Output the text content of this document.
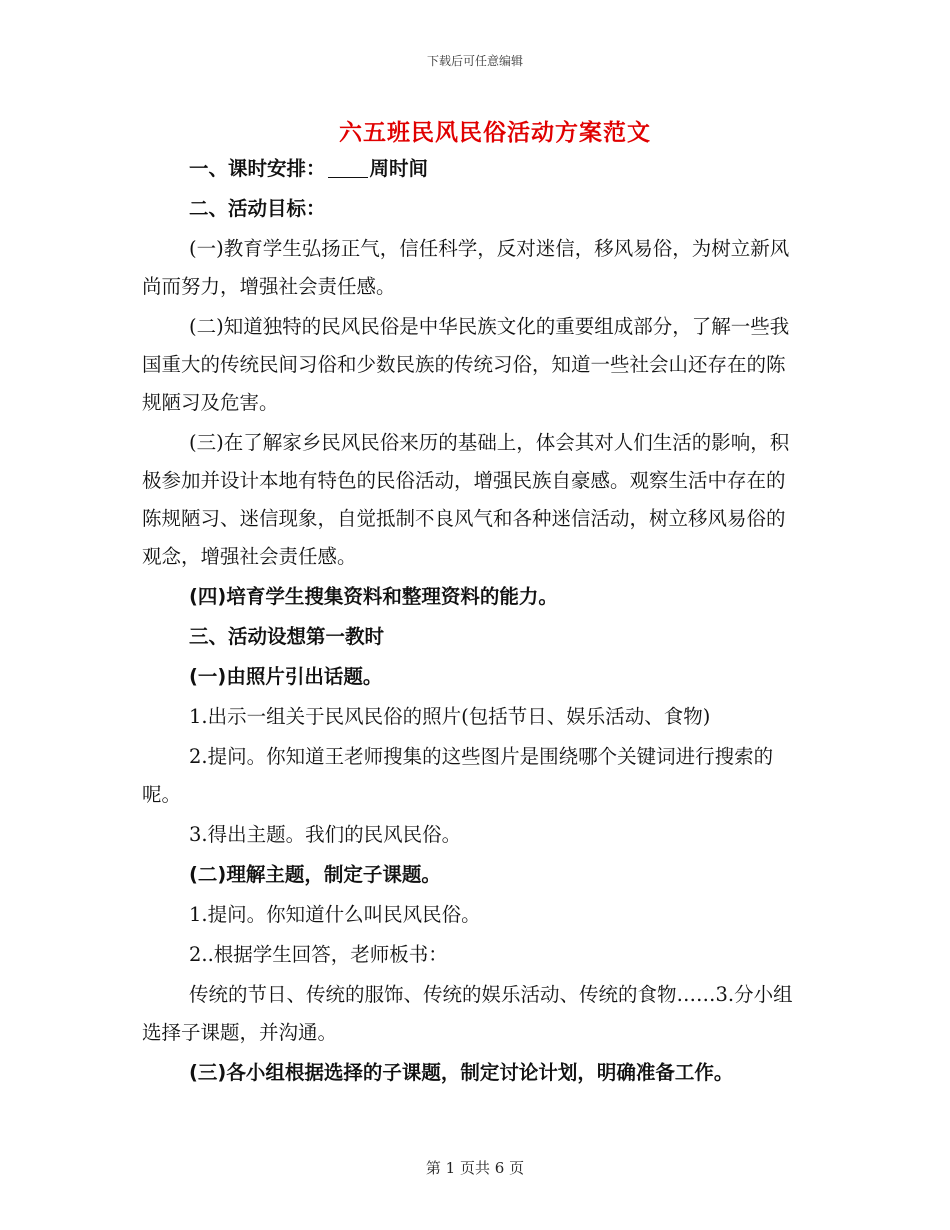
下载后可任意编辑
六五班民风民俗活动方案范文

一、课时安排： 周时间

二、活动目标：

(一)教育学生弘扬正气，信任科学，反对迷信，移风易俗，为树立新风尚而努力，增强社会责任感。

(二)知道独特的民风民俗是中华民族文化的重要组成部分，了解一些我国重大的传统民间习俗和少数民族的传统习俗，知道一些社会山还存在的陈规陋习及危害。

(三)在了解家乡民风民俗来历的基础上，体会其对人们生活的影响，积极参加并设计本地有特色的民俗活动，增强民族自豪感。观察生活中存在的陈规陋习、迷信现象，自觉抵制不良风气和各种迷信活动，树立移风易俗的观念，增强社会责任感。

(四)培育学生搜集资料和整理资料的能力。

三、活动设想第一教时

(一)由照片引出话题。

1.出示一组关于民风民俗的照片(包括节日、娱乐活动、食物)

2.提问。你知道王老师搜集的这些图片是围绕哪个关键词进行搜索的呢。

3.得出主题。我们的民风民俗。

(二)理解主题，制定子课题。

1.提问。你知道什么叫民风民俗。

2..根据学生回答，老师板书：

传统的节日、传统的服饰、传统的娱乐活动、传统的食物……3.分小组选择子课题，并沟通。

(三)各小组根据选择的子课题，制定讨论计划，明确准备工作。

第 1 页共 6 页
